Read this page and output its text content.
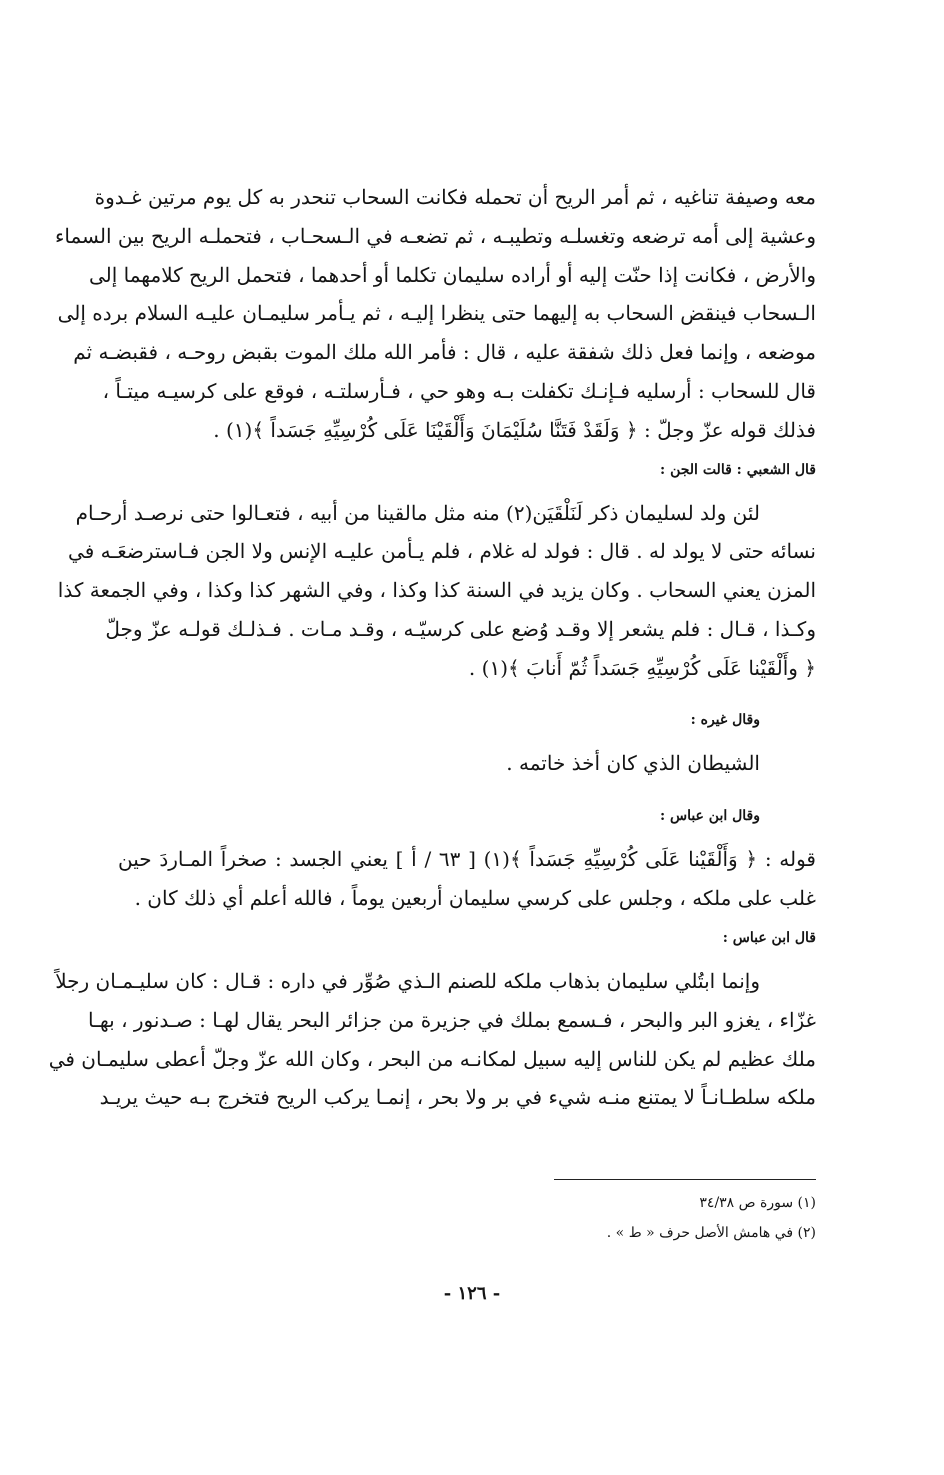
معه وصيفة تناغيه ، ثم أمر الريح أن تحمله فكانت السحاب تنحدر به كل يوم مرتين غـدوة
وعشية إلى أمه ترضعه وتغسلـه وتطيبـه ، ثم تضعـه في الـسحـاب ، فتحملـه الريح بين السماء
والأرض ، فكانت إذا حنّت إليه أو أراده سليمان تكلما أو أحدهما ، فتحمل الريح كلامهما إلى
الـسحاب فينقض السحاب به إليهما حتى ينظرا إليـه ، ثم يـأمر سليمـان عليـه السلام برده إلى
موضعه ، وإنما فعل ذلك شفقة عليه ، قال : فأمر الله ملك الموت بقبض روحـه ، فقبضـه ثم
قال للسحاب : أرسليه فـإنـك تكفلت بـه وهو حي ، فـأرسلتـه ، فوقع على كرسيـه ميتـاً ،
فذلك قوله عزّ وجلّ : ﴿ وَلَقَدْ فَتَنَّا سُلَيْمَانَ وَأَلْقَيْنَا عَلَى كُرْسِيِّهِ جَسَداً ﴾(١) .

قال الشعبي : قالت الجن :

لئن ولد لسليمان ذكر لَنَلْقَيَن(٢) منه مثل مالقينا من أبيه ، فتعـالوا حتى نرصـد أرحـام
نسائه حتى لا يولد له . قال : فولد له غلام ، فلم يـأمن عليـه الإنس ولا الجن فـاسترضعَـه في
المزن يعني السحاب . وكان يزيد في السنة كذا وكذا ، وفي الشهر كذا وكذا ، وفي الجمعة كذا
وكـذا ، قـال : فلم يشعر إلا وقـد وُضع على كرسيّـه ، وقـد مـات . فـذلـك قولـه عزّ وجلّ
﴿ وأَلْقَيْنا عَلَى كُرْسِيِّهِ جَسَداً ثُمّ أَنابَ ﴾(١) .

وقال غيره :

الشيطان الذي كان أخذ خاتمه .

وقال ابن عباس :

قوله : ﴿ وَأَلْقَيْنا عَلَى كُرْسِيِّهِ جَسَداً ﴾(١) [ ٦٣ / أ ] يعني الجسد : صخراً المـاردَ حين
غلب على ملكه ، وجلس على كرسي سليمان أربعين يوماً ، فالله أعلم أي ذلك كان .

قال ابن عباس :

وإنما ابتُلي سليمان بذهاب ملكه للصنم الـذي صُوِّر في داره : قـال : كان سليـمـان رجلاً
غزّاء ، يغزو البر والبحر ، فـسمع بملك في جزيرة من جزائر البحر يقال لهـا : صـدنور ، بهـا
ملك عظيم لم يكن للناس إليه سبيل لمكانـه من البحر ، وكان الله عزّ وجلّ أعطى سليمـان في
ملكه سلطـانـاً لا يمتنع منـه شيء في بر ولا بحر ، إنمـا يركب الريح فتخرج بـه حيث يريـد

(١) سورة ص ٣٤/٣٨
(٢) في هامش الأصل حرف « ط » .
- ١٢٦ -
